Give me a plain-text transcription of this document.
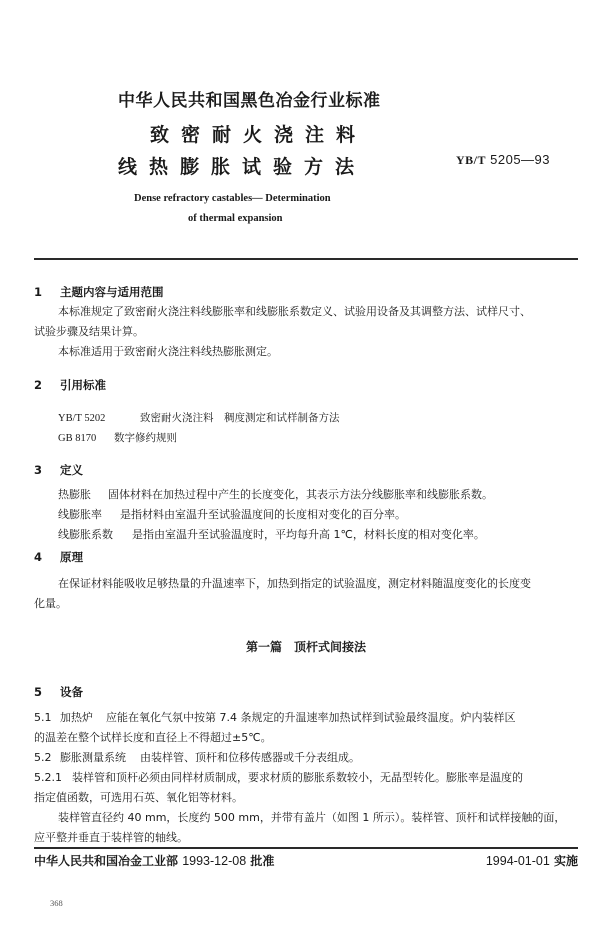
中华人民共和国黑色冶金行业标准
致密耐火浇注料
线热膨胀试验方法	YB/T 5205—93
Dense refractory castables— Determination
of thermal expansion
1 主题内容与适用范围
本标准规定了致密耐火浇注料线膨胀率和线膨胀系数定义、试验用设备及其调整方法、试样尺寸、
试验步骤及结果计算。
本标准适用于致密耐火浇注料线热膨胀测定。
2 引用标准
YB/T 5202	致密耐火浇注料　稠度测定和试样制备方法
GB 8170 数字修约规则
3 定义
热膨胀 固体材料在加热过程中产生的长度变化，其表示方法分线膨胀率和线膨胀系数。
线膨胀率 是指材料由室温升至试验温度间的长度相对变化的百分率。
线膨胀系数 是指由室温升至试验温度时，平均每升高 1℃，材料长度的相对变化率。
4 原理
在保证材料能吸收足够热量的升温速率下，加热到指定的试验温度，测定材料随温度变化的长度变
化量。
第一篇　顶杆式间接法
5 设备
5.1 加热炉 应能在氧化气氛中按第 7.4 条规定的升温速率加热试样到试验最终温度。炉内装样区
的温差在整个试样长度和直径上不得超过±5℃。
5.2 膨胀测量系统 由装样管、顶杆和位移传感器或千分表组成。
5.2.1 装样管和顶杆必须由同样材质制成，要求材质的膨胀系数较小，无晶型转化。膨胀率是温度的
指定值函数，可选用石英、氧化铝等材料。
装样管直径约 40 mm，长度约 500 mm，并带有盖片（如图 1 所示）。装样管、顶杆和试样接触的面，
应平整并垂直于装样管的轴线。
中华人民共和国冶金工业部 1993-12-08 批准	1994-01-01 实施
368
